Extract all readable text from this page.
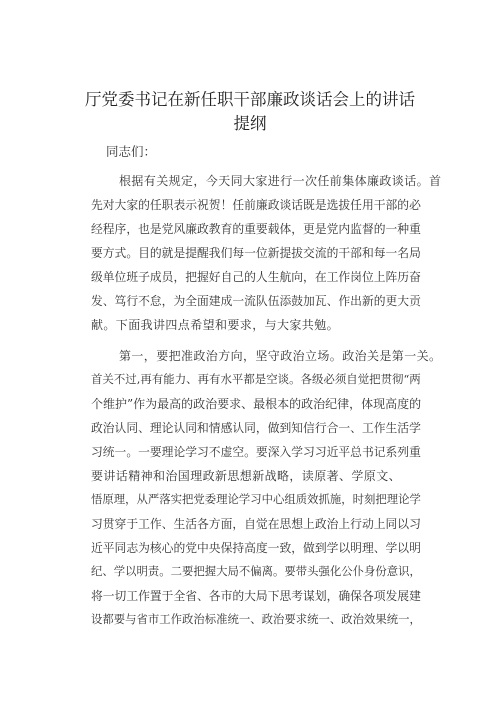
厅党委书记在新任职干部廉政谈话会上的讲话
提纲
同志们：
根据有关规定，今天同大家进行一次任前集体廉政谈话。首
先对大家的任职表示祝贺！任前廉政谈话既是选拔任用干部的必
经程序，也是党风廉政教育的重要载体，更是党内监督的一种重
要方式。目的就是提醒我们每一位新提拔交流的干部和每一名局
级单位班子成员，把握好自己的人生航向，在工作岗位上阵历奋
发、笃行不怠，为全面建成一流队伍添鼓加瓦、作出新的更大贡
献。下面我讲四点希望和要求，与大家共勉。
第一，要把准政治方向，坚守政治立场。政治关是第一关。
首关不过,再有能力、再有水平都是空谈。各级必须自觉把贯彻“两
个维护”作为最高的政治要求、最根本的政治纪律，体现高度的
政治认同、理论认同和情感认同，做到知信行合一、工作生活学
习统一。一要理论学习不虚空。要深入学习习近平总书记系列重
要讲话精神和治国理政新思想新战略，读原著、学原文、
悟原理，从严落实把党委理论学习中心组质效抓施，时刻把理论学
习贯穿于工作、生活各方面，自觉在思想上政治上行动上同以习
近平同志为核心的党中央保持高度一致，做到学以明理、学以明
纪、学以明责。二要把握大局不偏离。要带头强化公仆身份意识，
将一切工作置于全省、各市的大局下思考谋划，确保各项发展建
设都要与省市工作政治标准统一、政治要求统一、政治效果统一，
